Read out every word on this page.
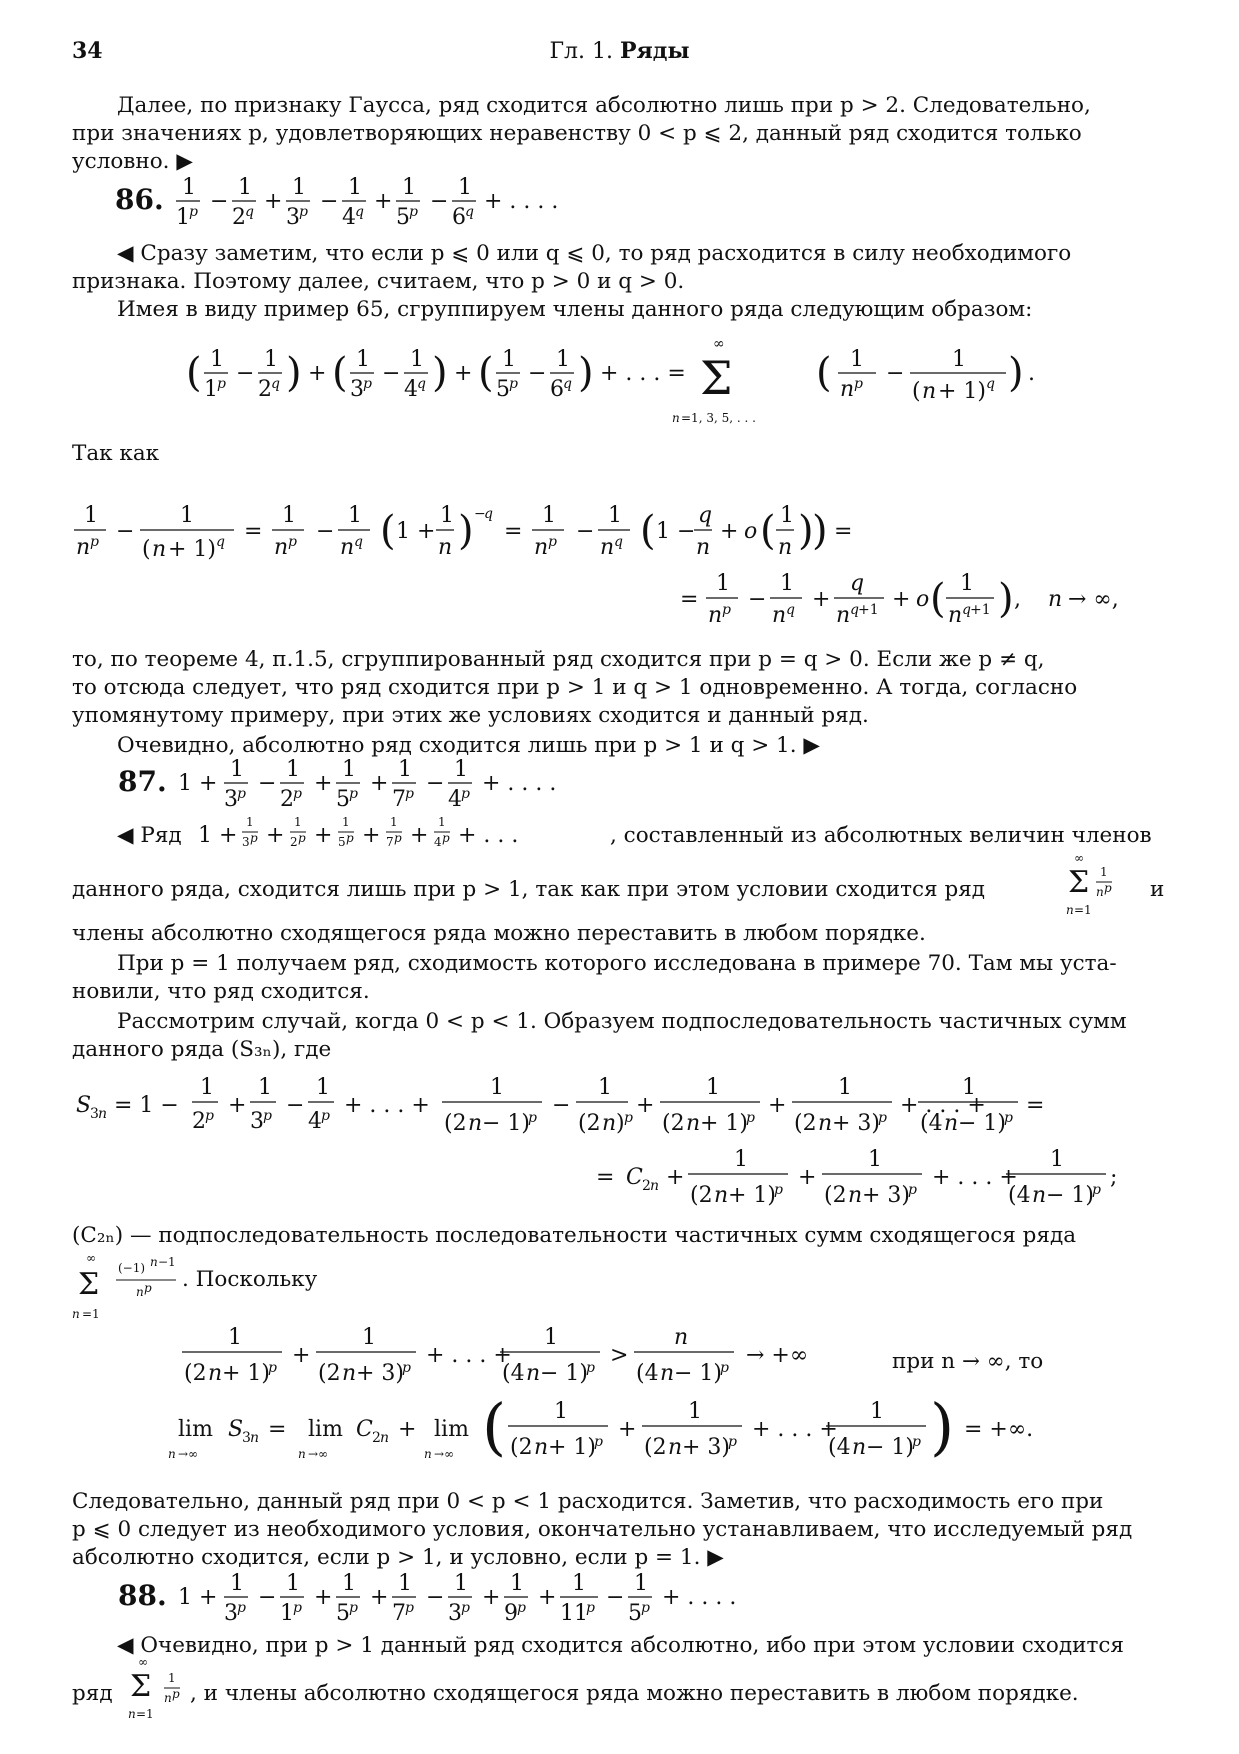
34	Гл. 1. Ряды
Далее, по признаку Гаусса, ряд сходится абсолютно лишь при p > 2. Следовательно,
при значениях p, удовлетворяющих неравенству 0 < p ⩽ 2, данный ряд сходится только
условно. ▶
86. 1
1 p −
1
2 q +
1
3 p −
1
4 q +
1
5 p −
1
6 q + . . . .
◀ Сразу заметим, что если p ⩽ 0 или q ⩽ 0, то ряд расходится в силу необходимого
признака. Поэтому далее, считаем, что p > 0 и q > 0.
Имея в виду пример 65, сгруппируем члены данного ряда следующим образом:
( 1
1 p −
1
2 q ) + ( 1
3 p −
1
4 q ) + ( 1
5 p −
1
6 q ) + . . . =
∞
Σ
n =1, 3, 5, . . .
( 1
n p −
1
( n + 1) q ) .
Так как
1
n p −
1
( n + 1) q =
1
n p −
1
n q ( 1 +
1
n ) −
q
=
1
n p −
1
n q ( 1 −
q
n
+ o ( 1
n )
) =
=
1
n p −
1
n q +
q
n q +1 + o ( 1
n q +1 ) , n → ∞,
то, по теореме 4, п.1.5, сгруппированный ряд сходится при p = q > 0. Если же p ≠ q,
то отсюда следует, что ряд сходится при p > 1 и q > 1 одновременно. А тогда, согласно
упомянутому примеру, при этих же условиях сходится и данный ряд.
Очевидно, абсолютно ряд сходится лишь при p > 1 и q > 1. ▶
87. 1 +
1
3 p −
1
2 p +
1
5 p +
1
7 p −
1
4 p + . . . .
◀ Ряд 1 +
1
3 p +
1
2 p +
1
5 p +
1
7 p +
1
4 p + . . .	, составленный из абсолютных величин членов
данного ряда, сходится лишь при p > 1, так как при этом условии сходится ряд
∞
Σ
n =1
1
n p и
члены абсолютно сходящегося ряда можно переставить в любом порядке.
При p = 1 получаем ряд, сходимость которого исследована в примере 70. Там мы уста-
новили, что ряд сходится.
Рассмотрим случай, когда 0 < p < 1. Образуем подпоследовательность частичных сумм
данного ряда (S₃ₙ), где
S
3 n = 1 −
1
2 p +
1
3 p −
1
4 p + . . . +
1
(2 n − 1)
p −
1
(2 n ) p +
1
(2 n + 1)
p +
1
(2 n + 3)
p + . . . +
1
(4 n − 1)
p =
= C 2 n +
1
(2 n + 1)
p +
1
(2 n + 3)
p + . . . +
1
(4 n − 1)
p ;
(C₂ₙ) — подпоследовательность последовательности частичных сумм сходящегося ряда
∞
Σ
n =1
(−1) n −1
n p . Поскольку
1
(2 n + 1)
p +
1
(2 n + 3)
p + . . . +
1
(4 n − 1)
p >
n
(4 n − 1)
p → +∞	при n → ∞, то
lim
n →∞
S
3 n = lim
n →∞
C 2 n + lim
n →∞ ( 1
(2 n + 1)
p +
1
(2 n + 3)
p + . . . +
1
(4 n − 1)
p ) = +∞.
Следовательно, данный ряд при 0 < p < 1 расходится. Заметив, что расходимость его при
p ⩽ 0 следует из необходимого условия, окончательно устанавливаем, что исследуемый ряд
абсолютно сходится, если p > 1, и условно, если p = 1. ▶
88. 1 +
1
3 p −
1
1 p +
1
5 p +
1
7 p −
1
3 p +
1
9 p +
1
11
p −
1
5 p + . . . .
◀ Очевидно, при p > 1 данный ряд сходится абсолютно, ибо при этом условии сходится
ряд
∞
Σ
n =1
1
n p , и члены абсолютно сходящегося ряда можно переставить в любом порядке.
